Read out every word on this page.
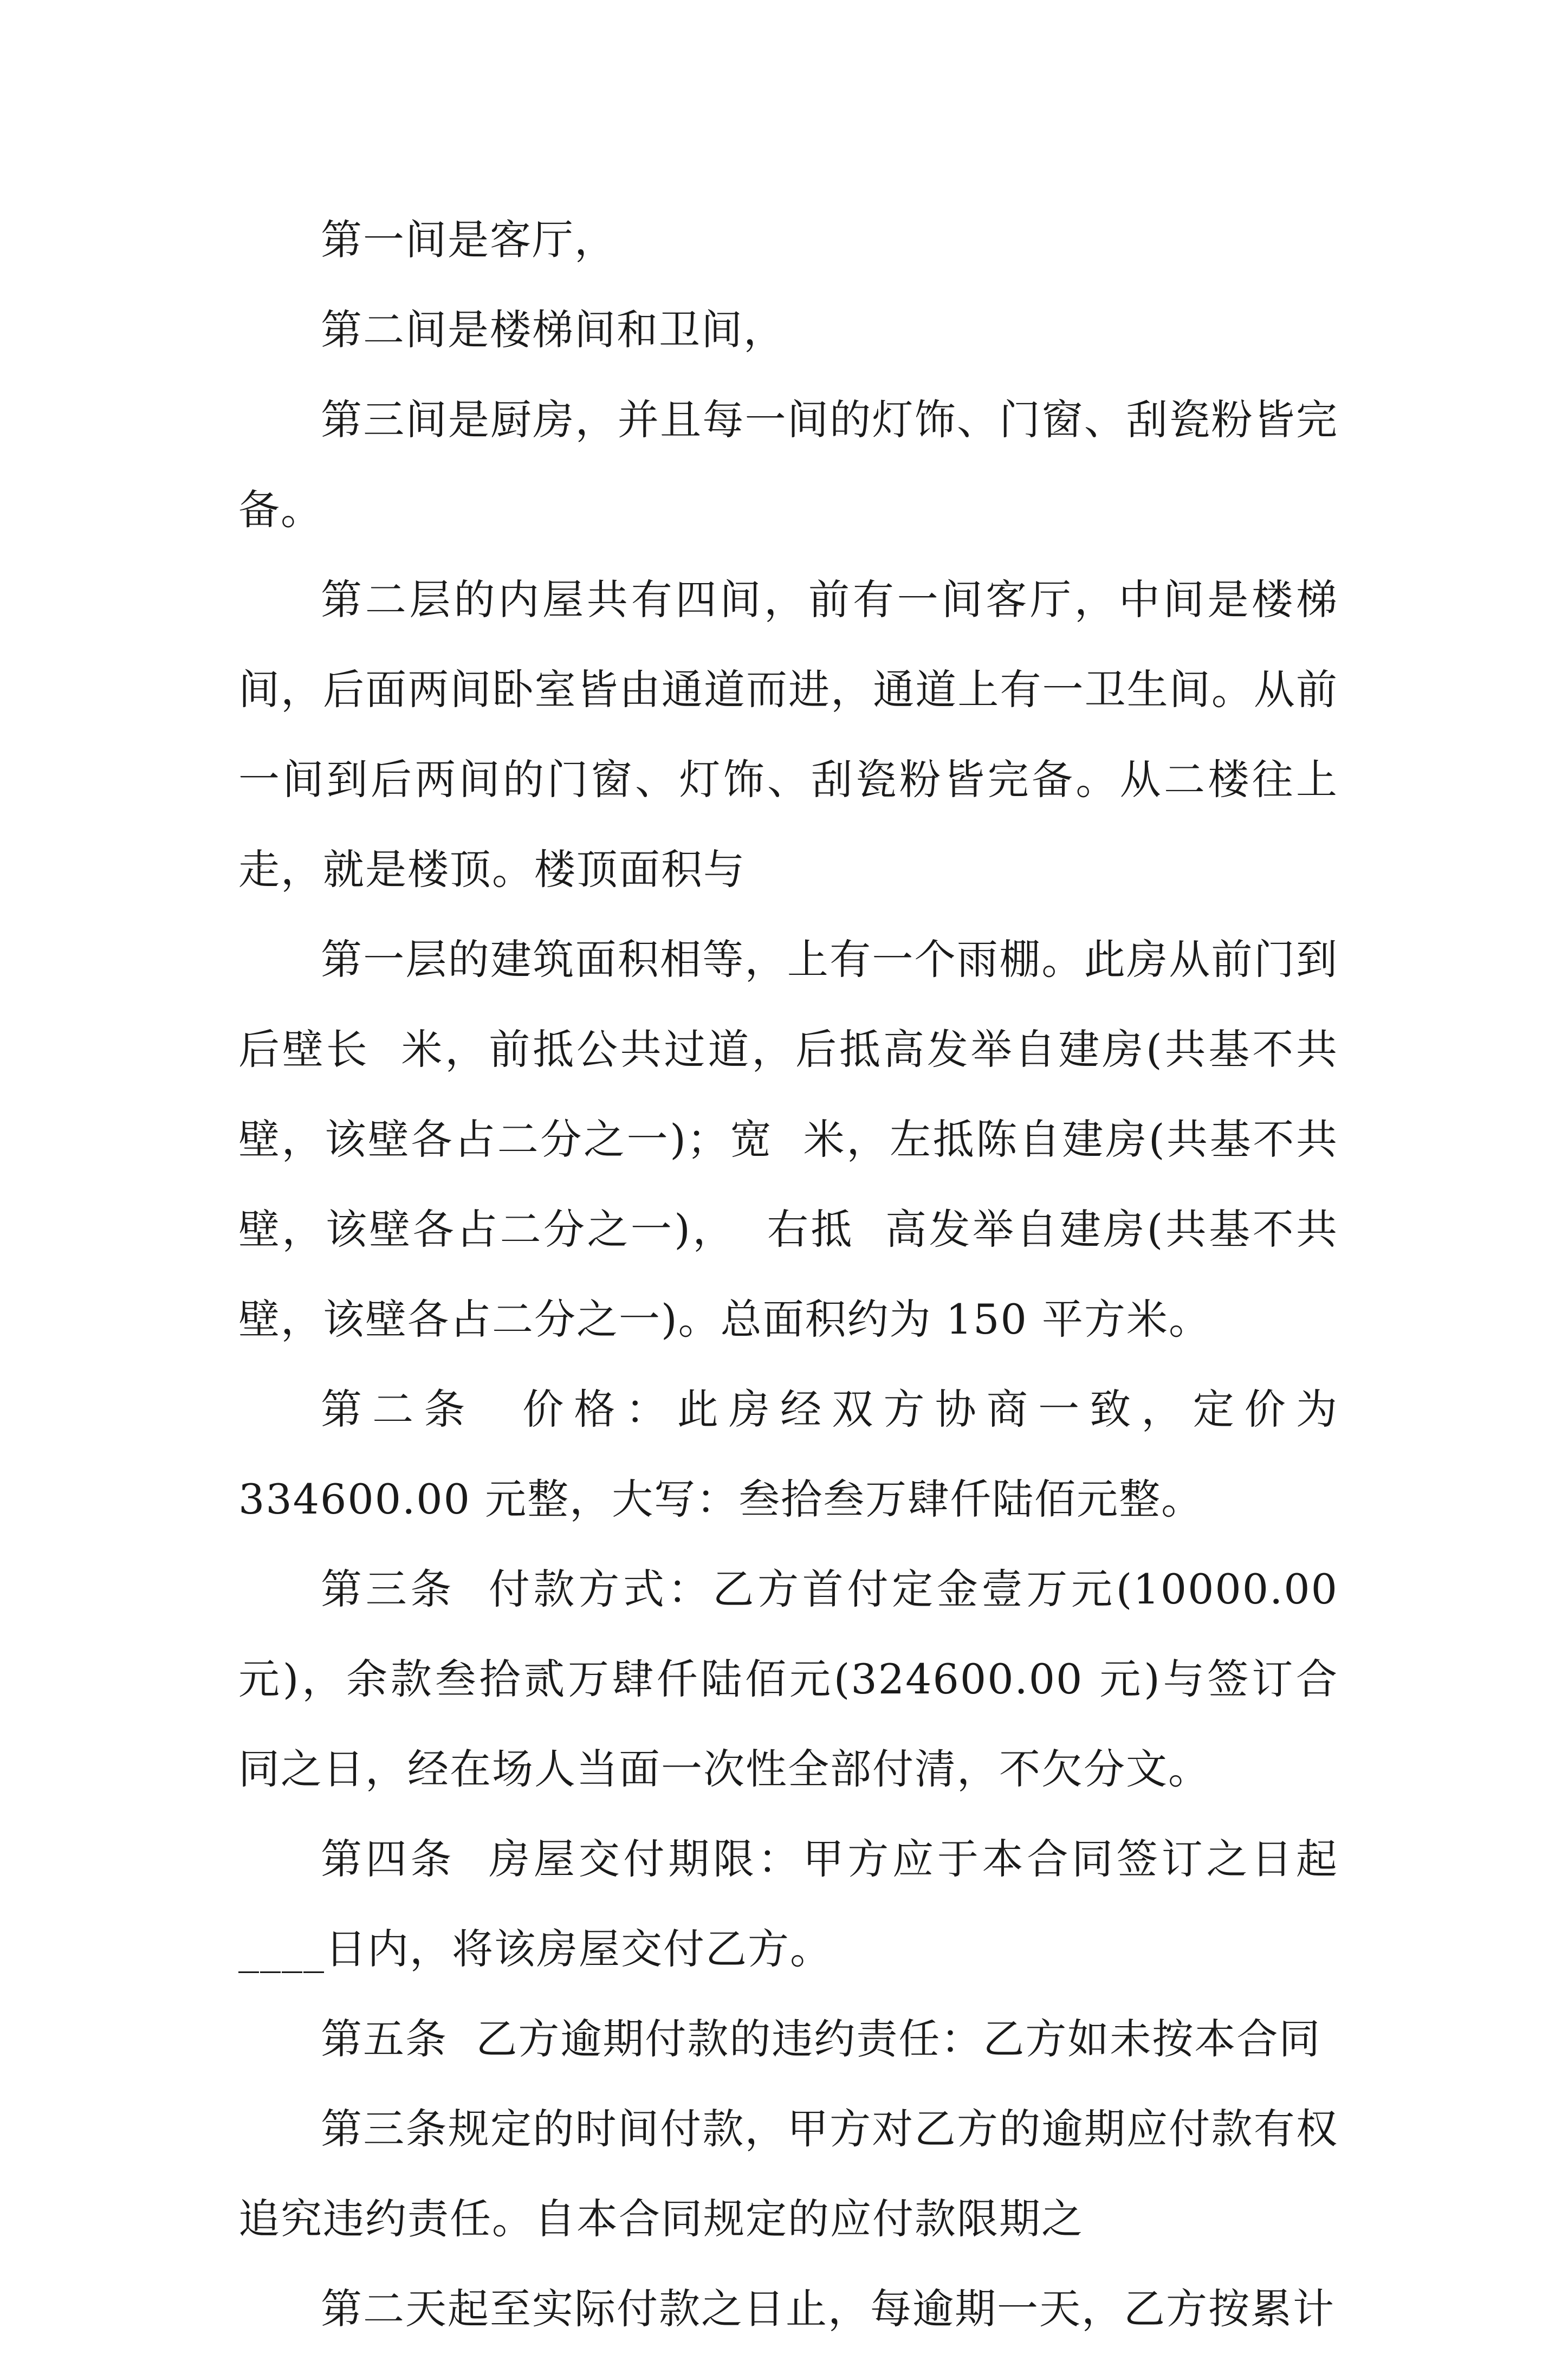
第一间是客厅，

第二间是楼梯间和卫间，

第三间是厨房，并且每一间的灯饰、门窗、刮瓷粉皆完备。

第二层的内屋共有四间，前有一间客厅，中间是楼梯间，后面两间卧室皆由通道而进，通道上有一卫生间。从前一间到后两间的门窗、灯饰、刮瓷粉皆完备。从二楼往上走，就是楼顶。楼顶面积与

第一层的建筑面积相等，上有一个雨棚。此房从前门到后壁长  米，前抵公共过道，后抵高发举自建房(共基不共壁，该壁各占二分之一)；宽  米，左抵陈自建房(共基不共壁，该壁各占二分之一)，  右抵  高发举自建房(共基不共壁，该壁各占二分之一)。总面积约为 150 平方米。

第二条  价格：此房经双方协商一致，定价为 334600.00 元整，大写：叁拾叁万肆仟陆佰元整。

第三条  付款方式：乙方首付定金壹万元(10000.00 元)，余款叁拾贰万肆仟陆佰元(324600.00 元)与签订合同之日，经在场人当面一次性全部付清，不欠分文。

第四条  房屋交付期限：甲方应于本合同签订之日起____日内，将该房屋交付乙方。

第五条  乙方逾期付款的违约责任：乙方如未按本合同

第三条规定的时间付款，甲方对乙方的逾期应付款有权追究违约责任。自本合同规定的应付款限期之

第二天起至实际付款之日止，每逾期一天，乙方按累计
